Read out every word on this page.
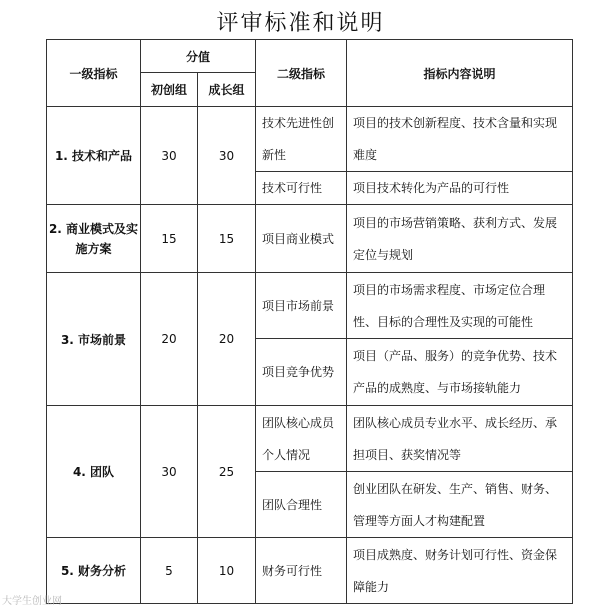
评审标准和说明
一级指标	分值		二级指标	指标内容说明
	初创组	成长组		
1. 技术和产品	30	30	技术先进性创新性	项目的技术创新程度、技术含量和实现难度
			技术可行性	项目技术转化为产品的可行性
2. 商业模式及实施方案	15	15	项目商业模式	项目的市场营销策略、获利方式、发展定位与规划
3. 市场前景	20	20	项目市场前景	项目的市场需求程度、市场定位合理性、目标的合理性及实现的可能性
			项目竞争优势	项目（产品、服务）的竞争优势、技术产品的成熟度、与市场接轨能力
4. 团队	30	25	团队核心成员个人情况	团队核心成员专业水平、成长经历、承担项目、获奖情况等
			团队合理性	创业团队在研发、生产、销售、财务、管理等方面人才构建配置
5. 财务分析	5	10	财务可行性	项目成熟度、财务计划可行性、资金保障能力
大学生创业网
